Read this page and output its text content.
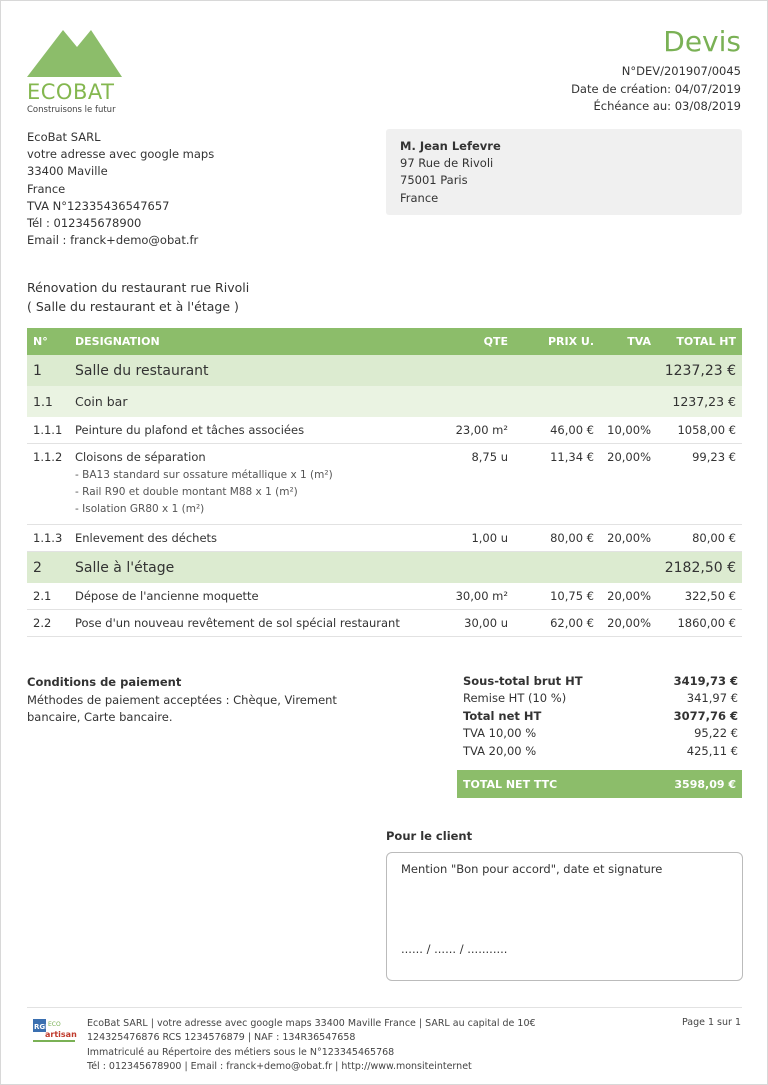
ECOBAT
Construisons le futur
Devis
N°DEV/201907/0045
Date de création: 04/07/2019
Échéance au: 03/08/2019
EcoBat SARL
votre adresse avec google maps
33400 Maville
France
TVA N°12335436547657
Tél : 012345678900
Email : franck+demo@obat.fr
M. Jean Lefevre
97 Rue de Rivoli
75001 Paris
France
Rénovation du restaurant rue Rivoli
( Salle du restaurant et à l'étage )
N°	DESIGNATION	QTE	PRIX U.	TVA	TOTAL HT
1	Salle du restaurant				1237,23 €
1.1	Coin bar				1237,23 €
1.1.1	Peinture du plafond et tâches associées	23,00 m²	46,00 €	10,00%	1058,00 €
1.1.2	Cloisons de séparation
- BA13 standard sur ossature métallique x 1 (m²)
- Rail R90 et double montant M88 x 1 (m²)
- Isolation GR80 x 1 (m²)	8,75 u	11,34 €	20,00%	99,23 €
1.1.3	Enlevement des déchets	1,00 u	80,00 €	20,00%	80,00 €
2	Salle à l'étage				2182,50 €
2.1	Dépose de l'ancienne moquette	30,00 m²	10,75 €	20,00%	322,50 €
2.2	Pose d'un nouveau revêtement de sol spécial restaurant	30,00 u	62,00 €	20,00%	1860,00 €
Conditions de paiement
Méthodes de paiement acceptées : Chèque, Virement bancaire, Carte bancaire.
Sous-total brut HT	3419,73 €
Remise HT (10 %)	341,97 €
Total net HT	3077,76 €
TVA 10,00 %	95,22 €
TVA 20,00 %	425,11 €
TOTAL NET TTC	3598,09 €
Pour le client
Mention "Bon pour accord", date et signature
...... / ...... / ...........
RGE
ECO
artisan
EcoBat SARL | votre adresse avec google maps 33400 Maville France | SARL au capital de 10€
124325476876 RCS 1234576879 | NAF : 134R36547658
Immatriculé au Répertoire des métiers sous le N°123345465768
Tél : 012345678900 | Email : franck+demo@obat.fr | http://www.monsiteinternet
Page 1 sur 1
